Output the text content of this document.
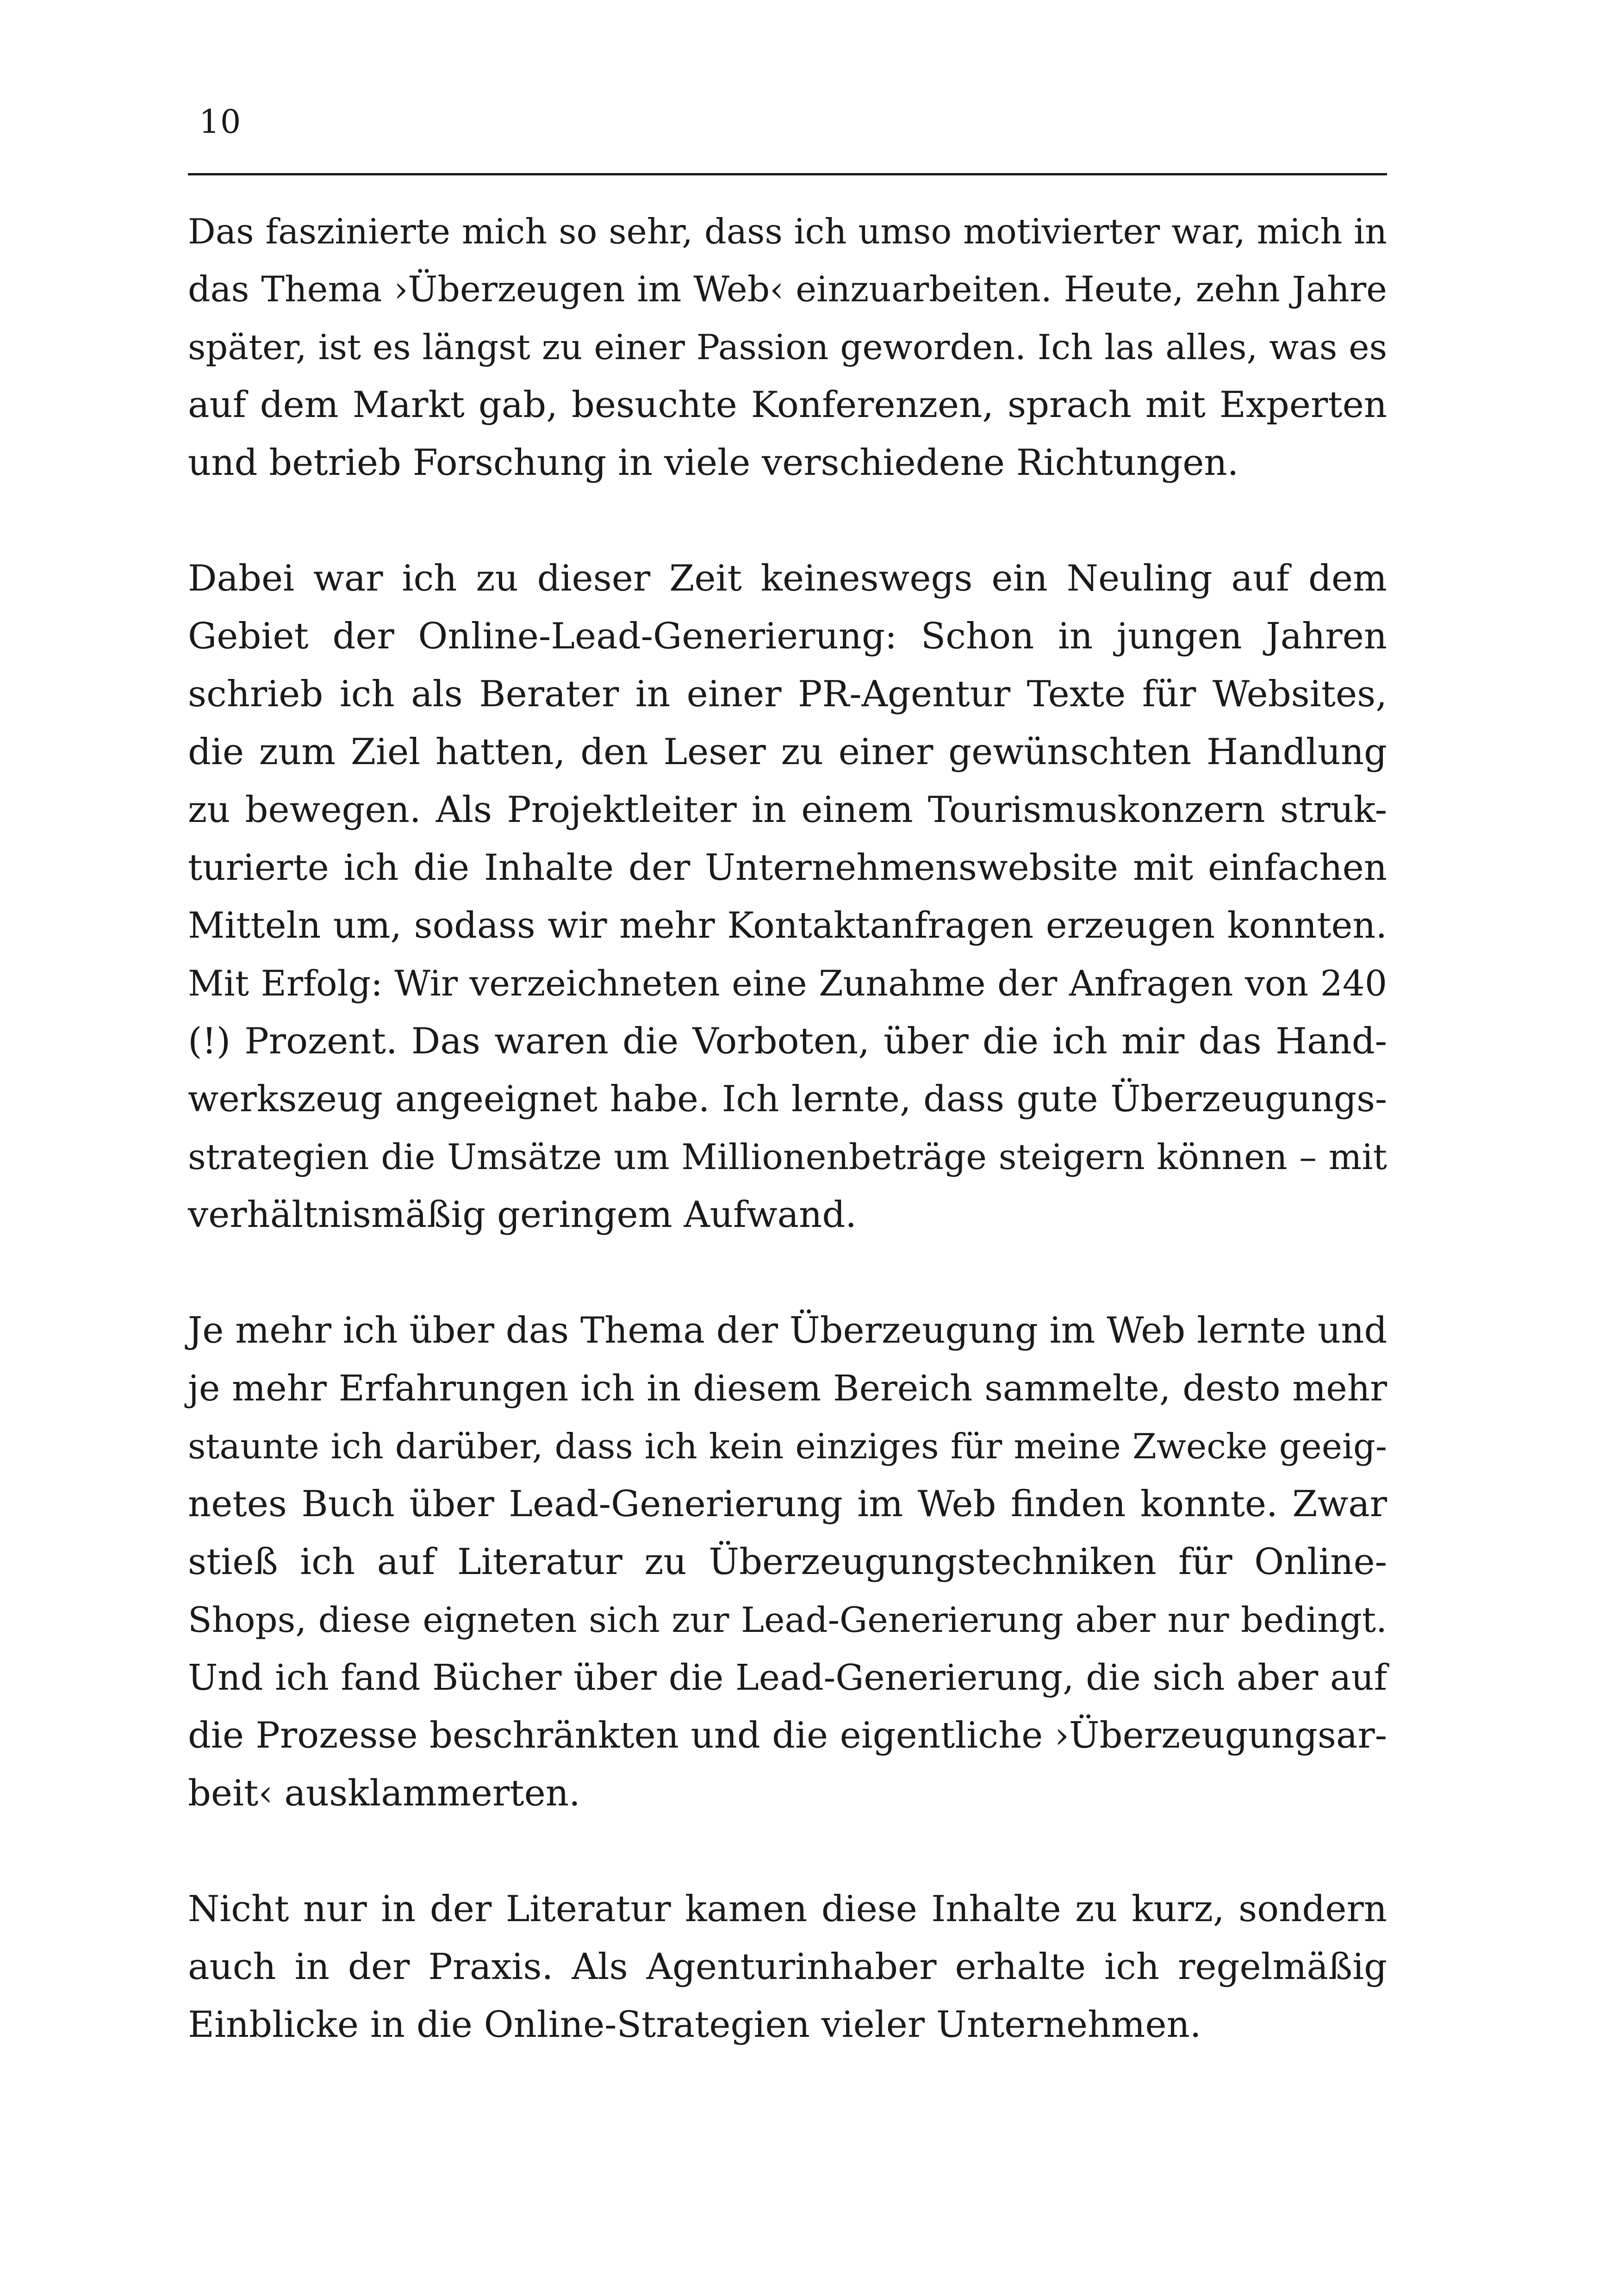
10

Das faszinierte mich so sehr, dass ich umso motivierter war, mich in
das Thema ›Überzeugen im Web‹ einzuarbeiten. Heute, zehn Jahre
später, ist es längst zu einer Passion geworden. Ich las alles, was es
auf dem Markt gab, besuchte Konferenzen, sprach mit Experten
und betrieb Forschung in viele verschiedene Richtungen.

Dabei war ich zu dieser Zeit keineswegs ein Neuling auf dem
Gebiet der Online-Lead-Generierung: Schon in jungen Jahren
schrieb ich als Berater in einer PR-Agentur Texte für Websites,
die zum Ziel hatten, den Leser zu einer gewünschten Handlung
zu bewegen. Als Projektleiter in einem Tourismuskonzern struk-
turierte ich die Inhalte der Unternehmenswebsite mit einfachen
Mitteln um, sodass wir mehr Kontaktanfragen erzeugen konnten.
Mit Erfolg: Wir verzeichneten eine Zunahme der Anfragen von 240
(!) Prozent. Das waren die Vorboten, über die ich mir das Hand-
werkszeug angeeignet habe. Ich lernte, dass gute Überzeugungs-
strategien die Umsätze um Millionenbeträge steigern können – mit
verhältnismäßig geringem Aufwand.

Je mehr ich über das Thema der Überzeugung im Web lernte und
je mehr Erfahrungen ich in diesem Bereich sammelte, desto mehr
staunte ich darüber, dass ich kein einziges für meine Zwecke geeig-
netes Buch über Lead-Generierung im Web finden konnte. Zwar
stieß ich auf Literatur zu Überzeugungstechniken für Online-
Shops, diese eigneten sich zur Lead-Generierung aber nur bedingt.
Und ich fand Bücher über die Lead-Generierung, die sich aber auf
die Prozesse beschränkten und die eigentliche ›Überzeugungsar-
beit‹ ausklammerten.

Nicht nur in der Literatur kamen diese Inhalte zu kurz, sondern
auch in der Praxis. Als Agenturinhaber erhalte ich regelmäßig
Einblicke in die Online-Strategien vieler Unternehmen.
